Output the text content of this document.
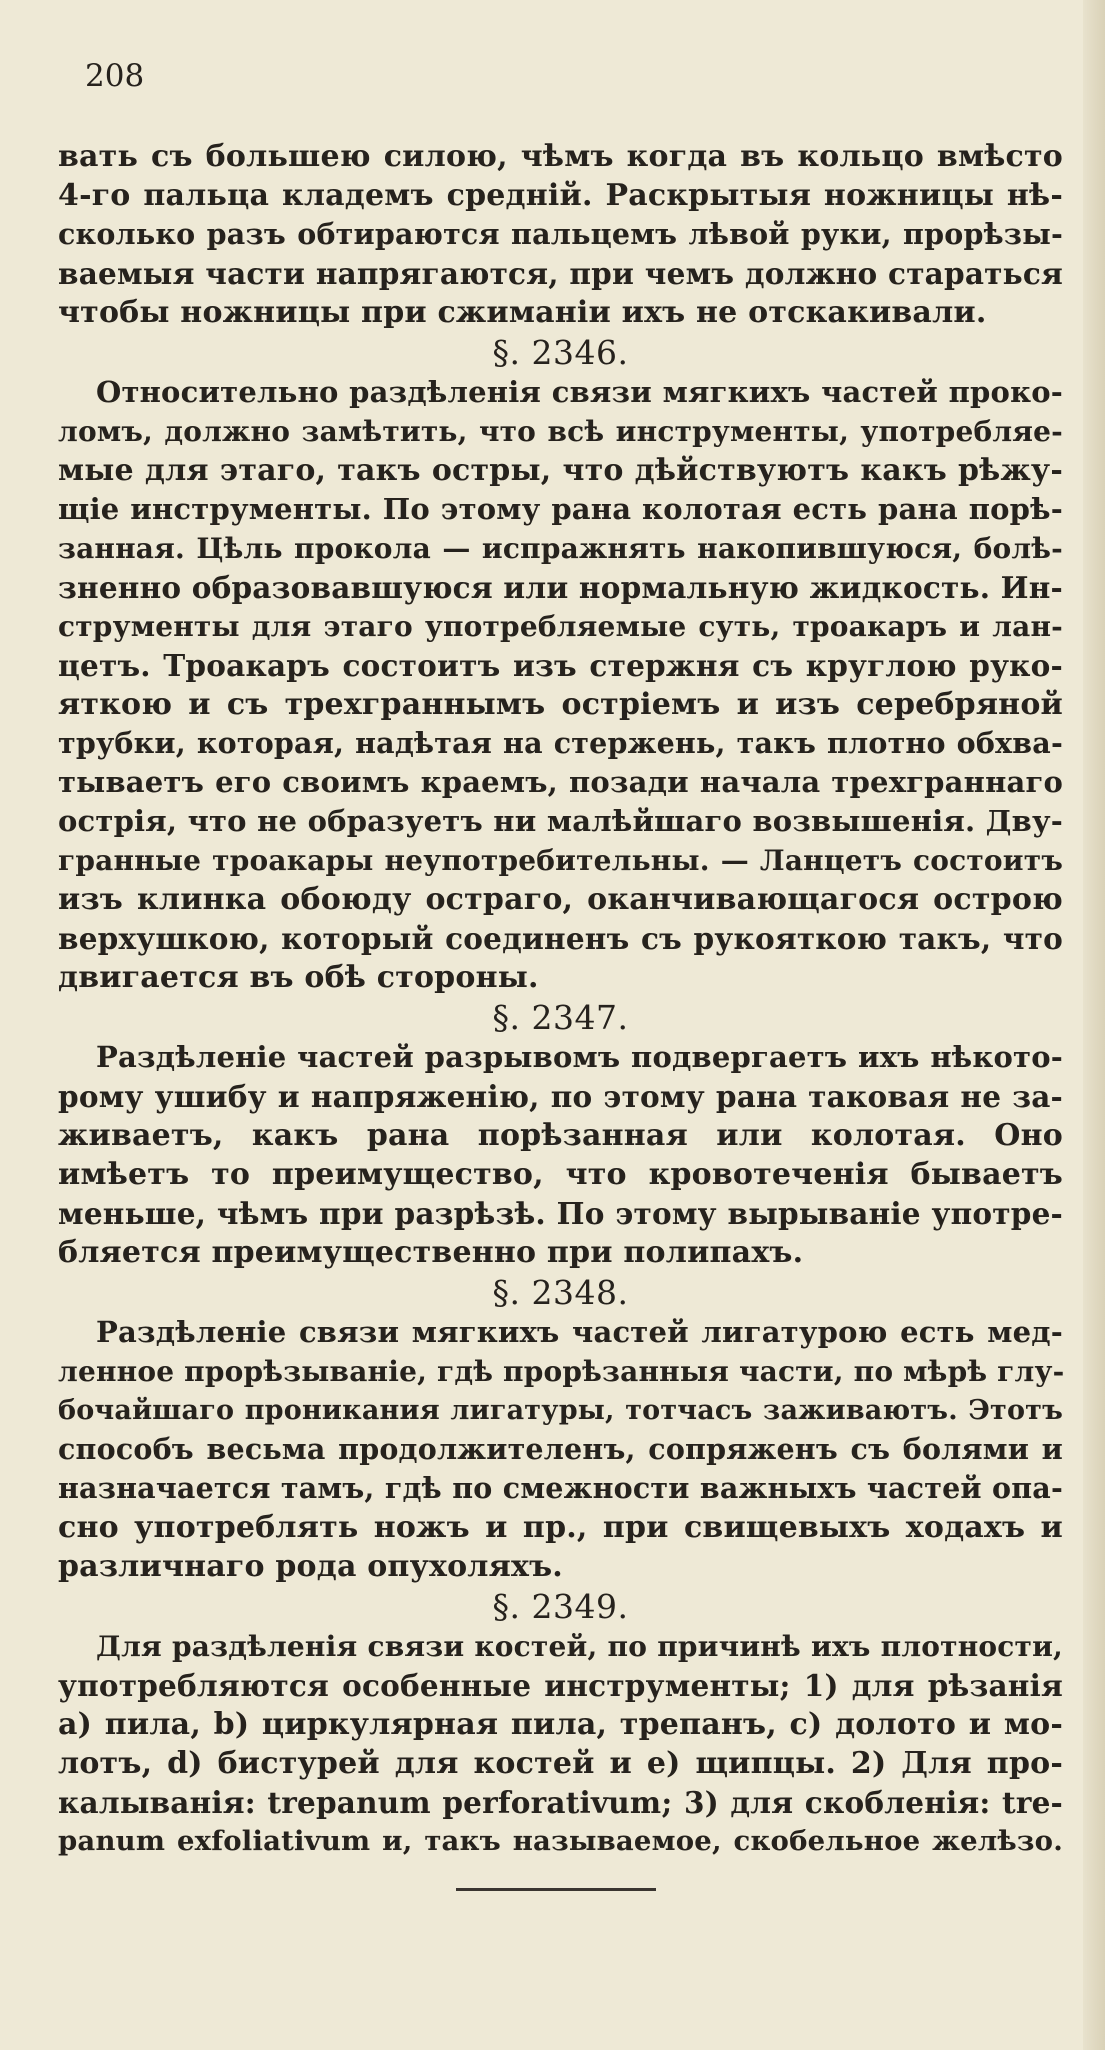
208
вать съ большею силою, чѣмъ когда въ кольцо вмѣсто
4-го пальца кладемъ средній. Раскрытыя ножницы нѣ-
сколько разъ обтираются пальцемъ лѣвой руки, прорѣзы-
ваемыя части напрягаются, при чемъ должно стараться
чтобы ножницы при сжиманіи ихъ не отскакивали.
§. 2346.
Относительно раздѣленія связи мягкихъ частей проко-
ломъ, должно замѣтить, что всѣ инструменты, употребляе-
мые для этаго, такъ остры, что дѣйствуютъ какъ рѣжу-
щіе инструменты. По этому рана колотая есть рана порѣ-
занная. Цѣль прокола — испражнять накопившуюся, болѣ-
зненно образовавшуюся или нормальную жидкость. Ин-
струменты для этаго употребляемые суть, троакаръ и лан-
цетъ. Троакаръ состоитъ изъ стержня съ круглою руко-
яткою и съ трехграннымъ остріемъ и изъ серебряной
трубки, которая, надѣтая на стержень, такъ плотно обхва-
тываетъ его своимъ краемъ, позади начала трехграннаго
острія, что не образуетъ ни малѣйшаго возвышенія. Дву-
гранные троакары неупотребительны. — Ланцетъ состоитъ
изъ клинка обоюду остраго, оканчивающагося острою
верхушкою, который соединенъ съ рукояткою такъ, что
двигается въ обѣ стороны.
§. 2347.
Раздѣленіе частей разрывомъ подвергаетъ ихъ нѣкото-
рому ушибу и напряженію, по этому рана таковая не за-
живаетъ, какъ рана порѣзанная или колотая. Оно
имѣетъ то преимущество, что кровотеченія бываетъ
меньше, чѣмъ при разрѣзѣ. По этому вырываніе употре-
бляется преимущественно при полипахъ.
§. 2348.
Раздѣленіе связи мягкихъ частей лигатурою есть мед-
ленное прорѣзываніе, гдѣ прорѣзанныя части, по мѣрѣ глу-
бочайшаго проникания лигатуры, тотчасъ заживаютъ. Этотъ
способъ весьма продолжителенъ, сопряженъ съ болями и
назначается тамъ, гдѣ по смежности важныхъ частей опа-
сно употреблять ножъ и пр., при свищевыхъ ходахъ и
различнаго рода опухоляхъ.
§. 2349.
Для раздѣленія связи костей, по причинѣ ихъ плотности,
употребляются особенные инструменты; 1) для рѣзанія
a) пила, b) циркулярная пила, трепанъ, c) долото и мо-
лотъ, d) бистурей для костей и e) щипцы. 2) Для про-
калыванія: trepanum perforativum; 3) для скобленія: tre-
panum exfoliativum и, такъ называемое, скобельное желѣзо.
